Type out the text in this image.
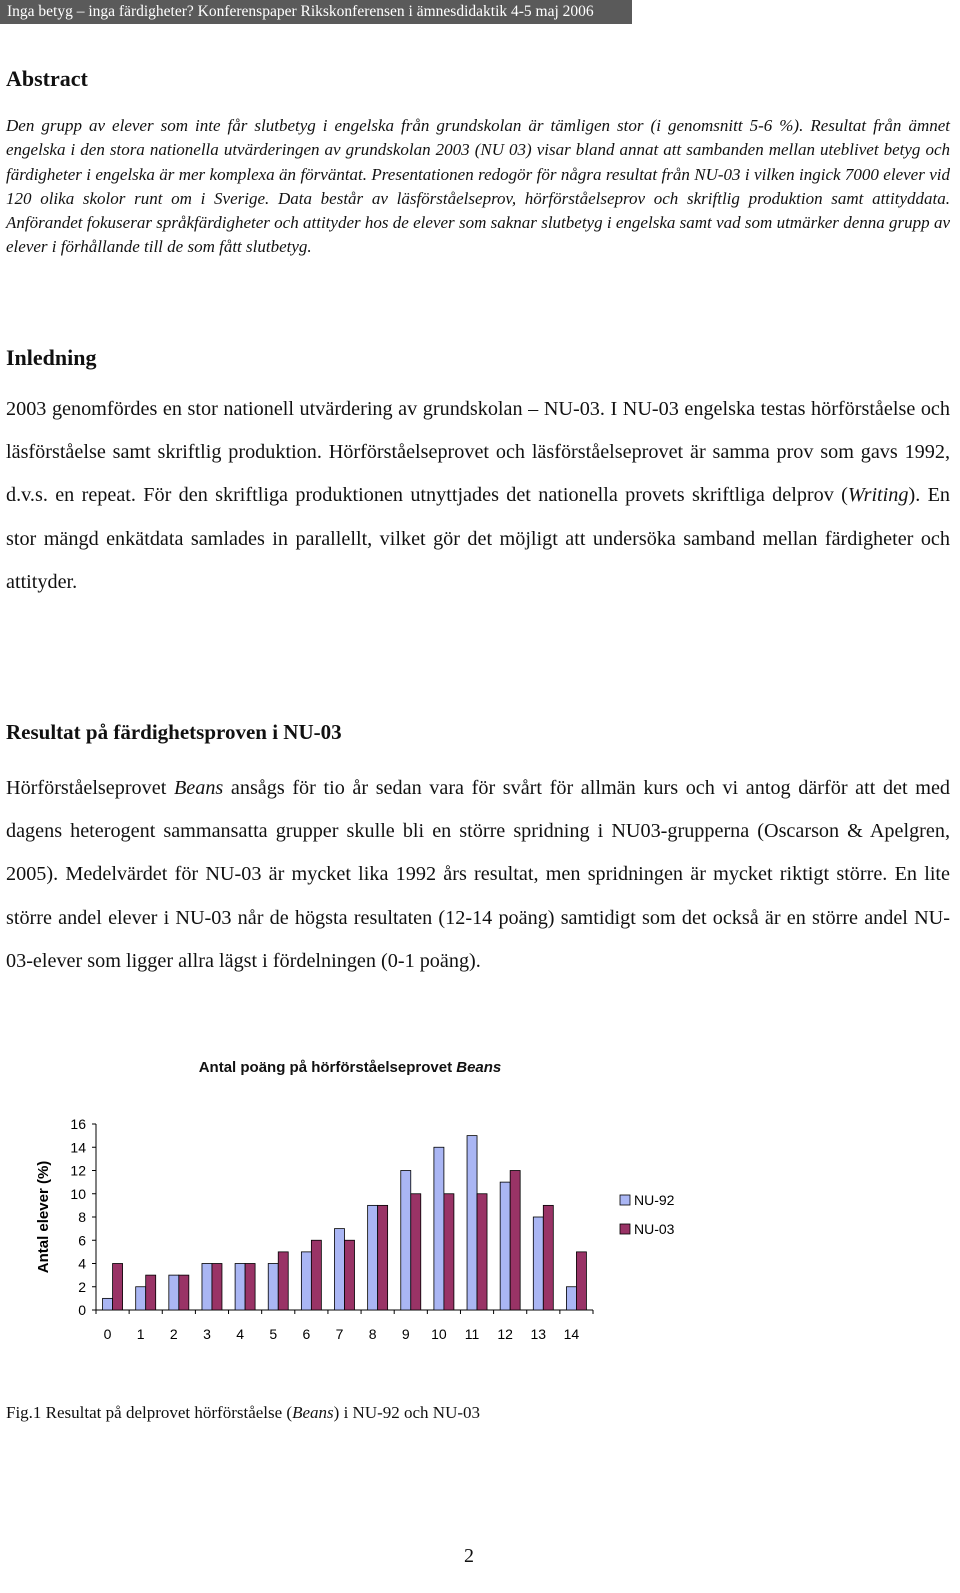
Inga betyg – inga färdigheter? Konferenspaper Rikskonferensen i ämnesdidaktik 4-5 maj 2006
Abstract

Den grupp av elever som inte får slutbetyg i engelska från grundskolan är tämligen stor (i genomsnitt 5-6 %). Resultat från ämnet engelska i den stora nationella utvärderingen av grundskolan 2003 (NU 03) visar bland annat att sambanden mellan uteblivet betyg och färdigheter i engelska är mer komplexa än förväntat. Presentationen redogör för några resultat från NU-03 i vilken ingick 7000 elever vid 120 olika skolor runt om i Sverige. Data består av läsförståelseprov, hörförståelseprov och skriftlig produktion samt attityddata. Anförandet fokuserar språkfärdigheter och attityder hos de elever som saknar slutbetyg i engelska samt vad som utmärker denna grupp av elever i förhållande till de som fått slutbetyg.

Inledning

2003 genomfördes en stor nationell utvärdering av grundskolan – NU-03. I NU-03 engelska testas hörförståelse och läsförståelse samt skriftlig produktion. Hörförståelseprovet och läsförståelseprovet är samma prov som gavs 1992, d.v.s. en repeat. För den skriftliga produktionen utnyttjades det nationella provets skriftliga delprov (Writing). En stor mängd enkätdata samlades in parallellt, vilket gör det möjligt att undersöka samband mellan färdigheter och attityder.

Resultat på färdighetsproven i NU-03

Hörförståelseprovet Beans ansågs för tio år sedan vara för svårt för allmän kurs och vi antog därför att det med dagens heterogent sammansatta grupper skulle bli en större spridning i NU03-grupperna (Oscarson & Apelgren, 2005). Medelvärdet för NU-03 är mycket lika 1992 års resultat, men spridningen är mycket riktigt större. En lite större andel elever i NU-03 når de högsta resultaten (12-14 poäng) samtidigt som det också är en större andel NU-03-elever som ligger allra lägst i fördelningen (0-1 poäng).

Antal poäng på hörförståelseprovet Beans
0
2
4
6
8
10
12
14
16
Antal elever (%)
0 1 2 3 4 5 6 7 8 9 10 11 12 13 14
NU-92
NU-03

Fig.1 Resultat på delprovet hörförståelse (Beans) i NU-92 och NU-03

2
